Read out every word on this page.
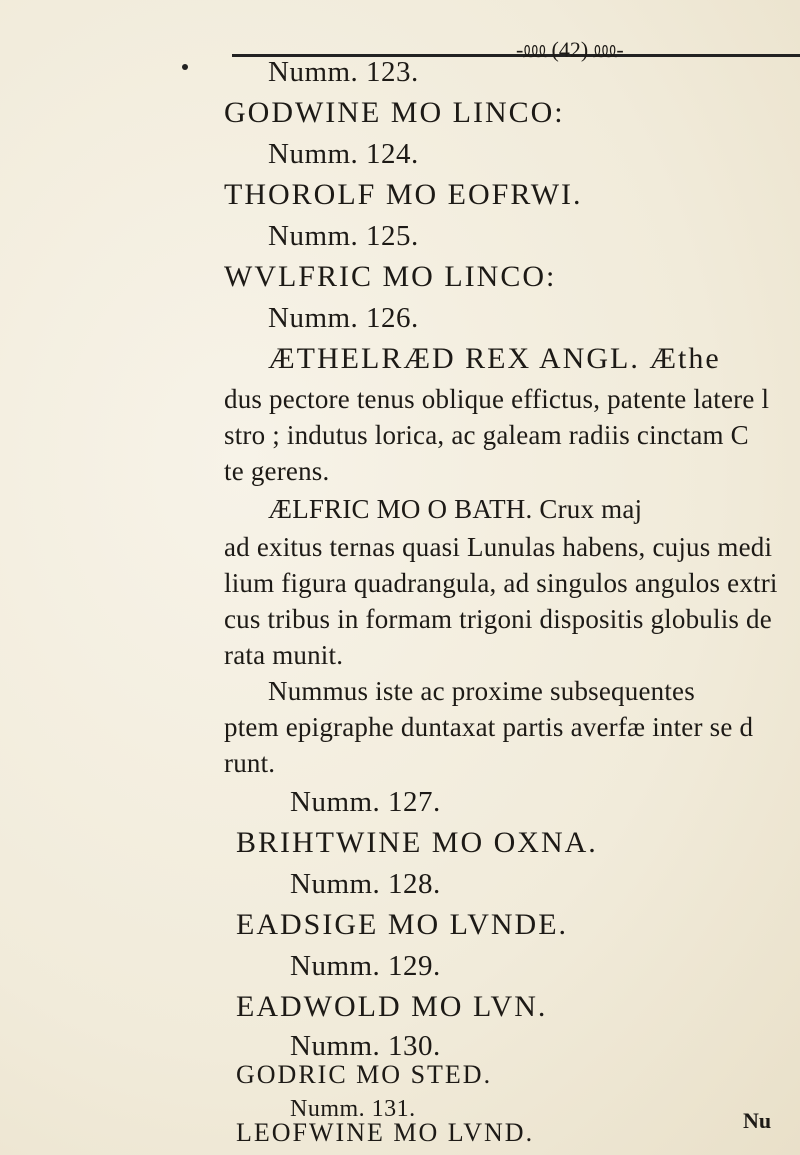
-⅏ (42) ⅏-
Numm. 123.
GODWINE MO LINCO:
Numm. 124.
THOROLF MO EOFRWI.
Numm. 125.
WVLFRIC MO LINCO:
Numm. 126.
ÆTHELRÆD REX ANGL. Æthe
dus pectore tenus oblique effictus, patente latere l
stro ; indutus lorica, ac galeam radiis cinctam C
te gerens.
ÆLFRIC MO O BATH. Crux maj
ad exitus ternas quasi Lunulas habens, cujus medi
lium figura quadrangula, ad singulos angulos extri
cus tribus in formam trigoni dispositis globulis de
rata munit.
Nummus iste ac proxime subsequentes
ptem epigraphe duntaxat partis averfæ inter se d
runt.
Numm. 127.
BRIHTWINE MO OXNA.
Numm. 128.
EADSIGE MO LVNDE.
Numm. 129.
EADWOLD MO LVN.
Numm. 130.
GODRIC MO STED.
Numm. 131.
LEOFWINE MO LVND.	Nu
